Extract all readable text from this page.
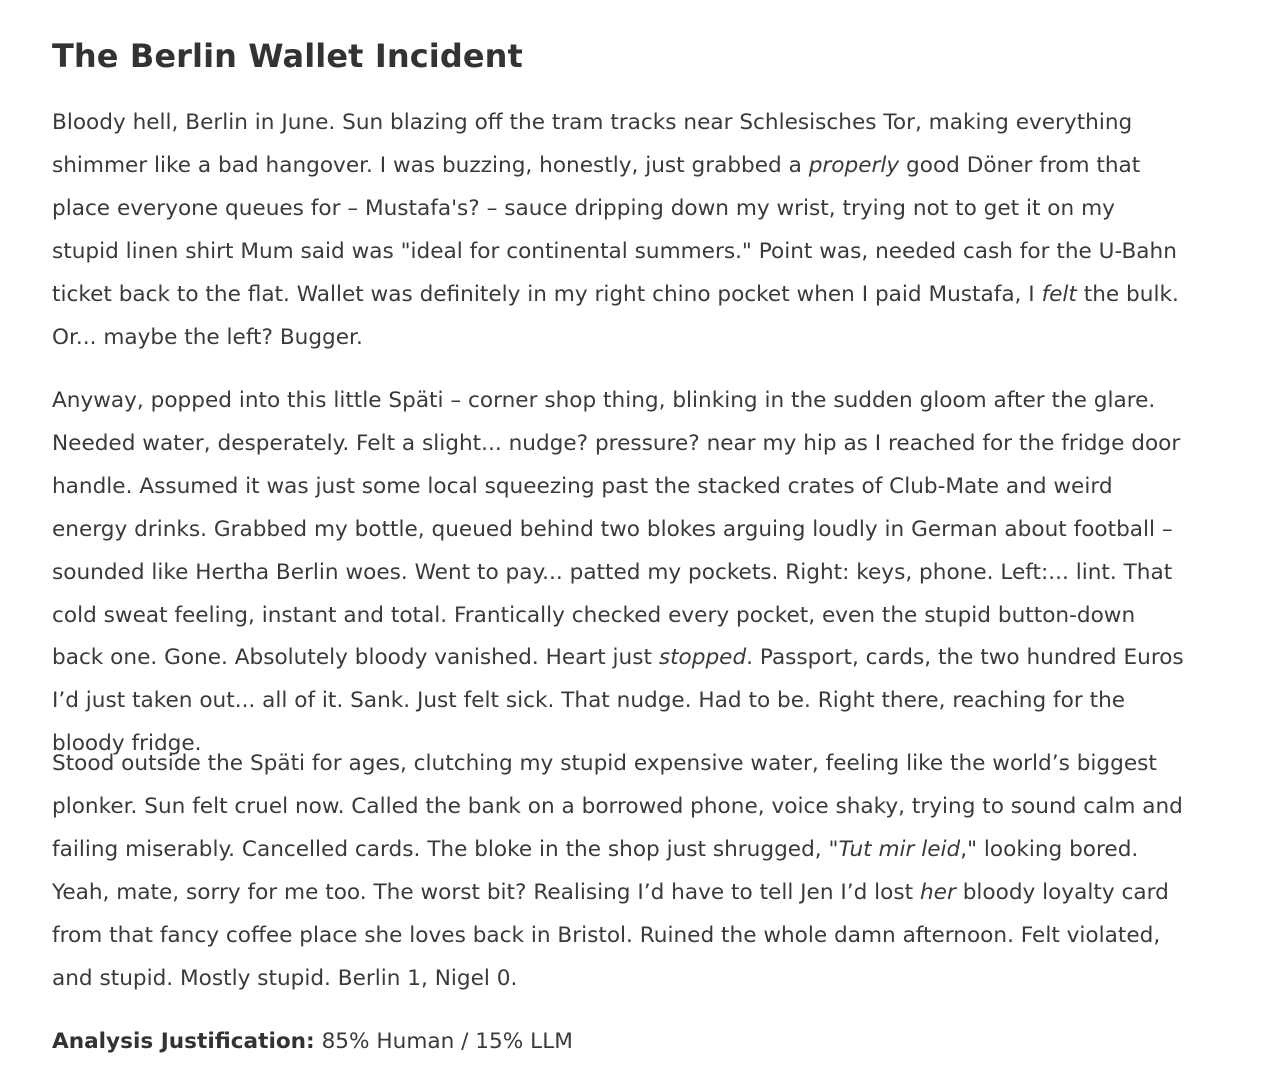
The Berlin Wallet Incident

Bloody hell, Berlin in June. Sun blazing off the tram tracks near Schlesisches Tor, making everything shimmer like a bad hangover. I was buzzing, honestly, just grabbed a properly good Döner from that place everyone queues for – Mustafa's? – sauce dripping down my wrist, trying not to get it on my stupid linen shirt Mum said was "ideal for continental summers." Point was, needed cash for the U-Bahn ticket back to the flat. Wallet was definitely in my right chino pocket when I paid Mustafa, I felt the bulk. Or... maybe the left? Bugger.

Anyway, popped into this little Späti – corner shop thing, blinking in the sudden gloom after the glare. Needed water, desperately. Felt a slight... nudge? pressure? near my hip as I reached for the fridge door handle. Assumed it was just some local squeezing past the stacked crates of Club-Mate and weird energy drinks. Grabbed my bottle, queued behind two blokes arguing loudly in German about football – sounded like Hertha Berlin woes. Went to pay... patted my pockets. Right: keys, phone. Left:... lint. That cold sweat feeling, instant and total. Frantically checked every pocket, even the stupid button-down back one. Gone. Absolutely bloody vanished. Heart just stopped. Passport, cards, the two hundred Euros I’d just taken out... all of it. Sank. Just felt sick. That nudge. Had to be. Right there, reaching for the bloody fridge.

Stood outside the Späti for ages, clutching my stupid expensive water, feeling like the world’s biggest plonker. Sun felt cruel now. Called the bank on a borrowed phone, voice shaky, trying to sound calm and failing miserably. Cancelled cards. The bloke in the shop just shrugged, "Tut mir leid," looking bored. Yeah, mate, sorry for me too. The worst bit? Realising I’d have to tell Jen I’d lost her bloody loyalty card from that fancy coffee place she loves back in Bristol. Ruined the whole damn afternoon. Felt violated, and stupid. Mostly stupid. Berlin 1, Nigel 0.

Analysis Justification: 85% Human / 15% LLM
